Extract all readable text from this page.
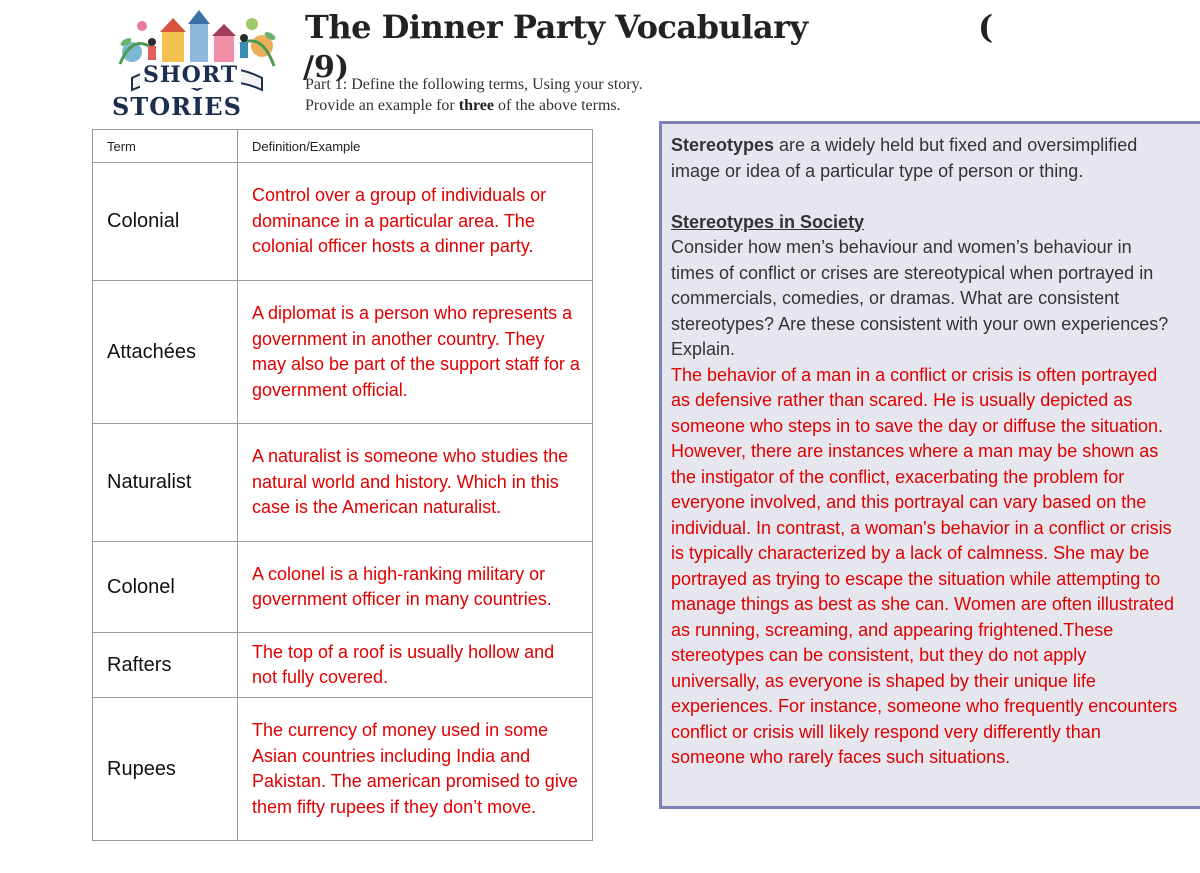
SHORT
STORIES
The Dinner Party Vocabulary	(
/9)
Part 1: Define the following terms, Using your story.
Provide an example for three of the above terms.
Term	Definition/Example
Colonial	Control over a group of individuals or dominance in a particular area. The colonial officer hosts a dinner party.
Attachées	A diplomat is a person who represents a government in another country. They may also be part of the support staff for a government official.
Naturalist	A naturalist is someone who studies the natural world and history. Which in this case is the American naturalist.
Colonel	A colonel is a high-ranking military or government officer in many countries.
Rafters	The top of a roof is usually hollow and not fully covered.
Rupees	The currency of money used in some Asian countries including India and Pakistan. The american promised to give them fifty rupees if they don’t move.

Stereotypes are a widely held but fixed and oversimplified

image or idea of a particular type of person or thing.

Stereotypes in Society

Consider how men’s behaviour and women’s behaviour in

times of conflict or crises are stereotypical when portrayed in

commercials, comedies, or dramas. What are consistent

stereotypes? Are these consistent with your own experiences?

Explain.

The behavior of a man in a conflict or crisis is often portrayed

as defensive rather than scared. He is usually depicted as

someone who steps in to save the day or diffuse the situation.

However, there are instances where a man may be shown as

the instigator of the conflict, exacerbating the problem for

everyone involved, and this portrayal can vary based on the

individual. In contrast, a woman's behavior in a conflict or crisis

is typically characterized by a lack of calmness. She may be

portrayed as trying to escape the situation while attempting to

manage things as best as she can. Women are often illustrated

as running, screaming, and appearing frightened.These

stereotypes can be consistent, but they do not apply

universally, as everyone is shaped by their unique life

experiences. For instance, someone who frequently encounters

conflict or crisis will likely respond very differently than

someone who rarely faces such situations.
